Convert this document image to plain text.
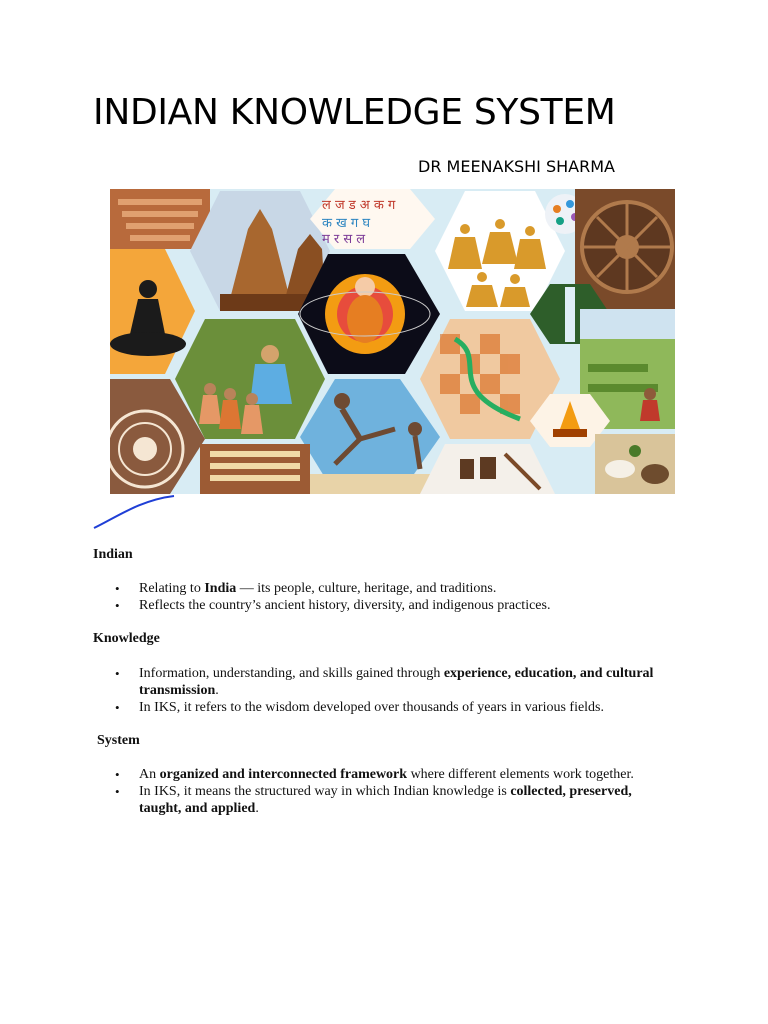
INDIAN KNOWLEDGE SYSTEM
DR MEENAKSHI SHARMA
ल ज ड अ क ग
क ख ग घ
म र स ल
Indian
• Relating to India — its people, culture, heritage, and traditions.
• Reflects the country’s ancient history, diversity, and indigenous practices.
Knowledge
• Information, understanding, and skills gained through experience, education, and cultural transmission.
• In IKS, it refers to the wisdom developed over thousands of years in various fields.
System
• An organized and interconnected framework where different elements work together.
• In IKS, it means the structured way in which Indian knowledge is collected, preserved, taught, and applied.
